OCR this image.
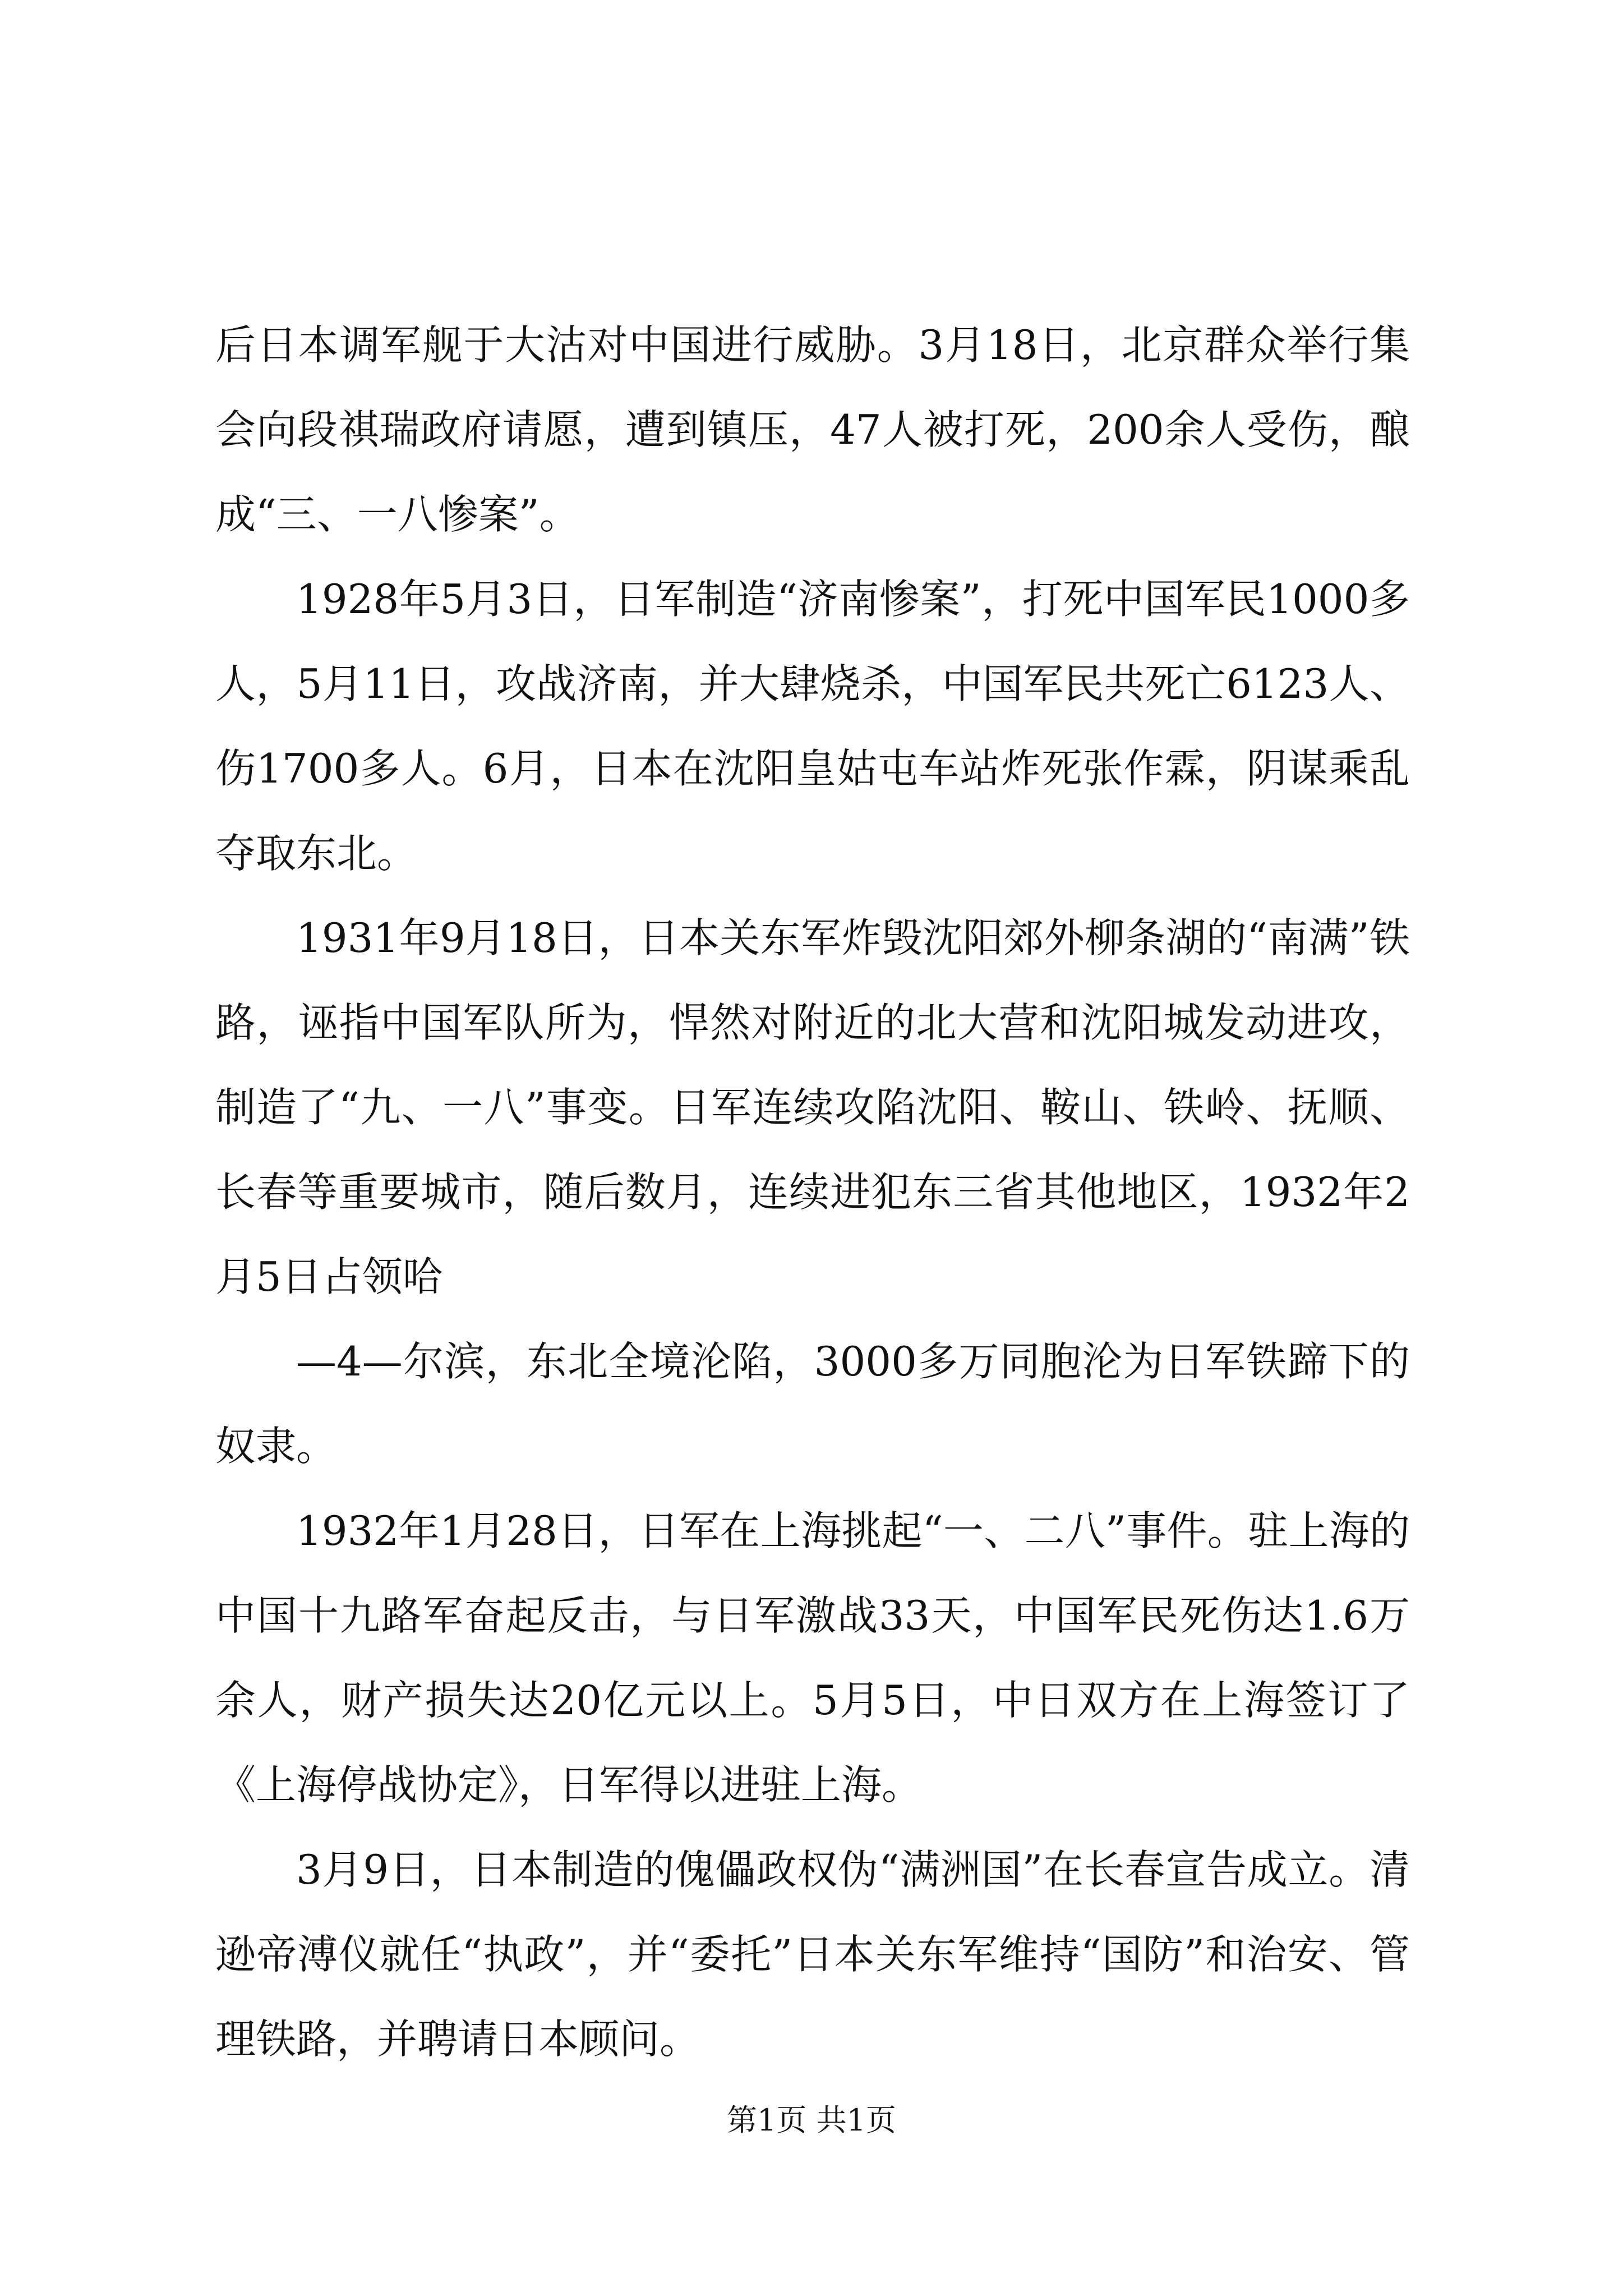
后日本调军舰于大沽对中国进行威胁。3月18日，北京群众举行集会向段祺瑞政府请愿，遭到镇压，47人被打死，200余人受伤，酿成“三、一八惨案”。

1928年5月3日，日军制造“济南惨案”，打死中国军民1000多人，5月11日，攻战济南，并大肆烧杀，中国军民共死亡6123人、伤1700多人。6月，日本在沈阳皇姑屯车站炸死张作霖，阴谋乘乱夺取东北。

1931年9月18日，日本关东军炸毁沈阳郊外柳条湖的“南满”铁路，诬指中国军队所为，悍然对附近的北大营和沈阳城发动进攻，制造了“九、一八”事变。日军连续攻陷沈阳、鞍山、铁岭、抚顺、长春等重要城市，随后数月，连续进犯东三省其他地区，1932年2月5日占领哈

—4—尔滨，东北全境沦陷，3000多万同胞沦为日军铁蹄下的奴隶。

1932年1月28日，日军在上海挑起“一、二八”事件。驻上海的中国十九路军奋起反击，与日军激战33天，中国军民死伤达1.6万余人，财产损失达20亿元以上。5月5日，中日双方在上海签订了《上海停战协定》，日军得以进驻上海。

3月9日，日本制造的傀儡政权伪“满洲国”在长春宣告成立。清逊帝溥仪就任“执政”，并“委托”日本关东军维持“国防”和治安、管理铁路，并聘请日本顾问。

第1页 共1页
